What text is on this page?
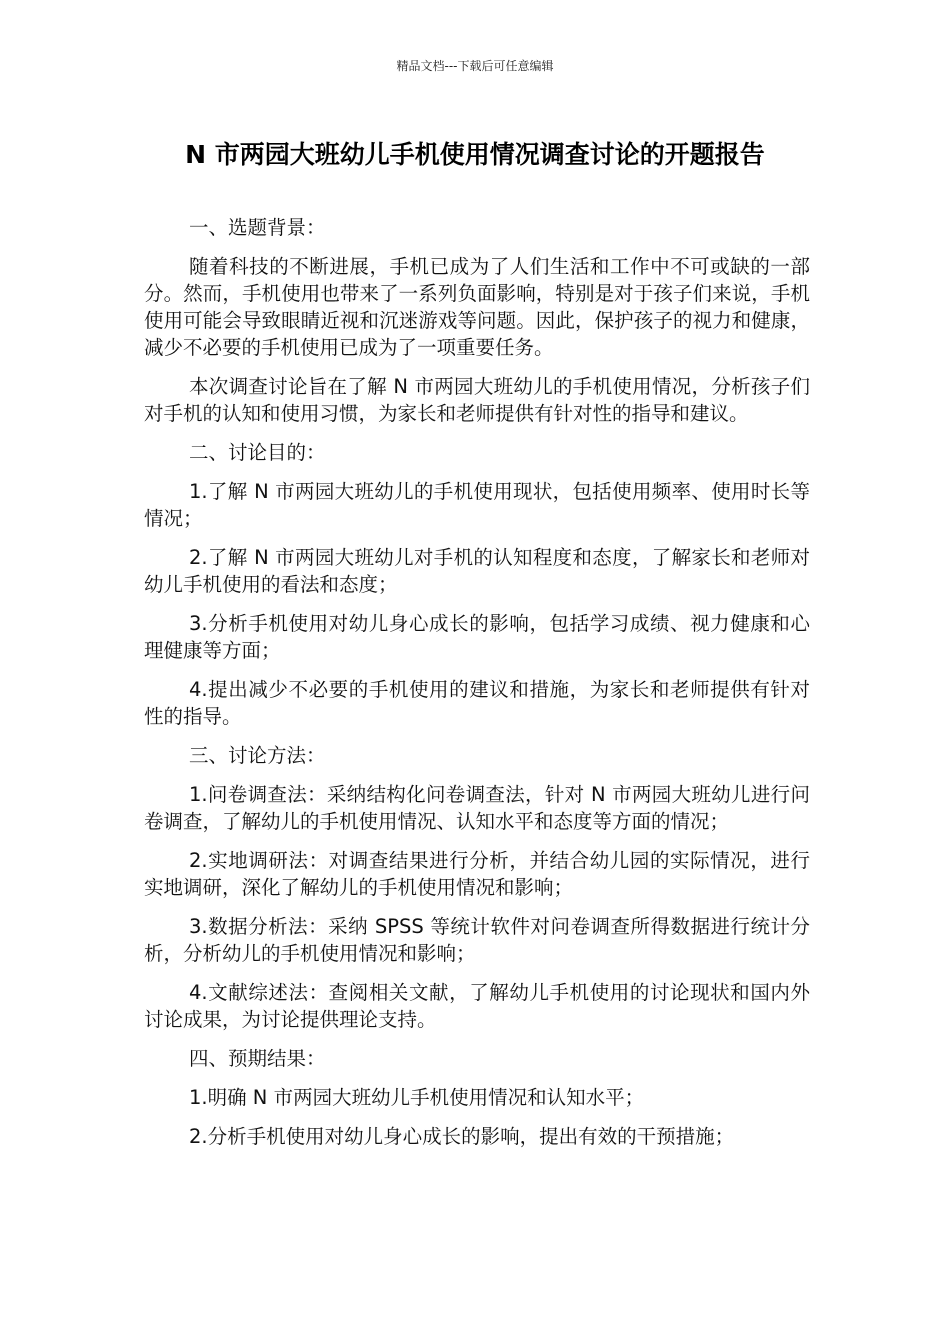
精品文档---下载后可任意编辑
N 市两园大班幼儿手机使用情况调查讨论的开题报告

一、选题背景：

随着科技的不断进展，手机已成为了人们生活和工作中不可或缺的一部分。然而，手机使用也带来了一系列负面影响，特别是对于孩子们来说，手机使用可能会导致眼睛近视和沉迷游戏等问题。因此，保护孩子的视力和健康，减少不必要的手机使用已成为了一项重要任务。

本次调查讨论旨在了解 N 市两园大班幼儿的手机使用情况，分析孩子们对手机的认知和使用习惯，为家长和老师提供有针对性的指导和建议。

二、讨论目的：

1.了解 N 市两园大班幼儿的手机使用现状，包括使用频率、使用时长等情况；

2.了解 N 市两园大班幼儿对手机的认知程度和态度，了解家长和老师对幼儿手机使用的看法和态度；

3.分析手机使用对幼儿身心成长的影响，包括学习成绩、视力健康和心理健康等方面；

4.提出减少不必要的手机使用的建议和措施，为家长和老师提供有针对性的指导。

三、讨论方法：

1.问卷调查法：采纳结构化问卷调查法，针对 N 市两园大班幼儿进行问卷调查，了解幼儿的手机使用情况、认知水平和态度等方面的情况；

2.实地调研法：对调查结果进行分析，并结合幼儿园的实际情况，进行实地调研，深化了解幼儿的手机使用情况和影响；

3.数据分析法：采纳 SPSS 等统计软件对问卷调查所得数据进行统计分析，分析幼儿的手机使用情况和影响；

4.文献综述法：查阅相关文献，了解幼儿手机使用的讨论现状和国内外讨论成果，为讨论提供理论支持。

四、预期结果：

1.明确 N 市两园大班幼儿手机使用情况和认知水平；

2.分析手机使用对幼儿身心成长的影响，提出有效的干预措施；
